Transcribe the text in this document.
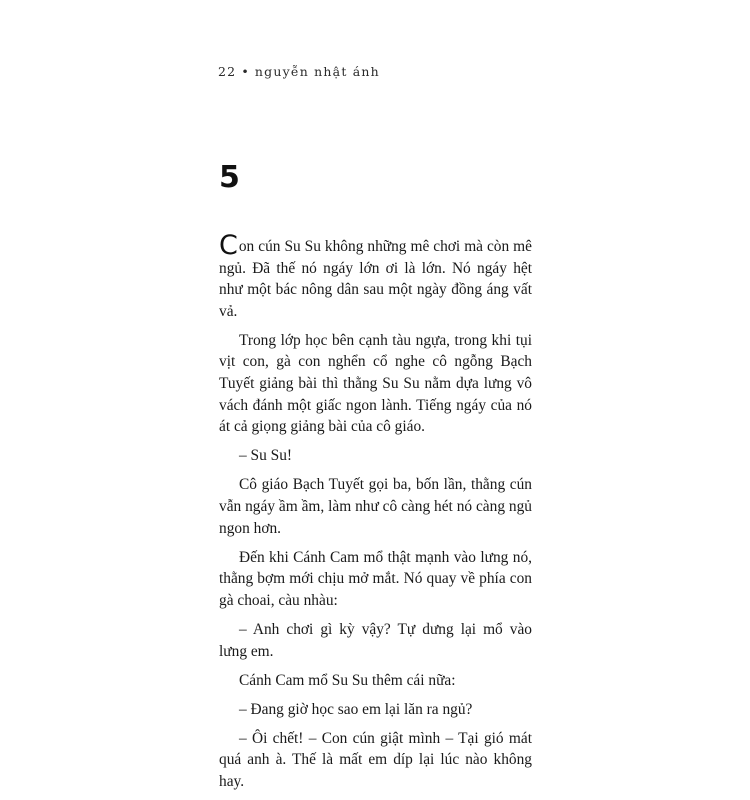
22 • nguyễn nhật ánh
5

Con cún Su Su không những mê chơi mà còn mê ngủ. Đã thế nó ngáy lớn ơi là lớn. Nó ngáy hệt như một bác nông dân sau một ngày đồng áng vất vả.

Trong lớp học bên cạnh tàu ngựa, trong khi tụi vịt con, gà con nghển cổ nghe cô ngỗng Bạch Tuyết giảng bài thì thằng Su Su nằm dựa lưng vô vách đánh một giấc ngon lành. Tiếng ngáy của nó át cả giọng giảng bài của cô giáo.

– Su Su!

Cô giáo Bạch Tuyết gọi ba, bốn lần, thằng cún vẫn ngáy ầm ầm, làm như cô càng hét nó càng ngủ ngon hơn.

Đến khi Cánh Cam mổ thật mạnh vào lưng nó, thằng bợm mới chịu mở mắt. Nó quay về phía con gà choai, càu nhàu:

– Anh chơi gì kỳ vậy? Tự dưng lại mổ vào lưng em.

Cánh Cam mổ Su Su thêm cái nữa:

– Đang giờ học sao em lại lăn ra ngủ?

– Ôi chết! – Con cún giật mình – Tại gió mát quá anh à. Thế là mất em díp lại lúc nào không hay.
